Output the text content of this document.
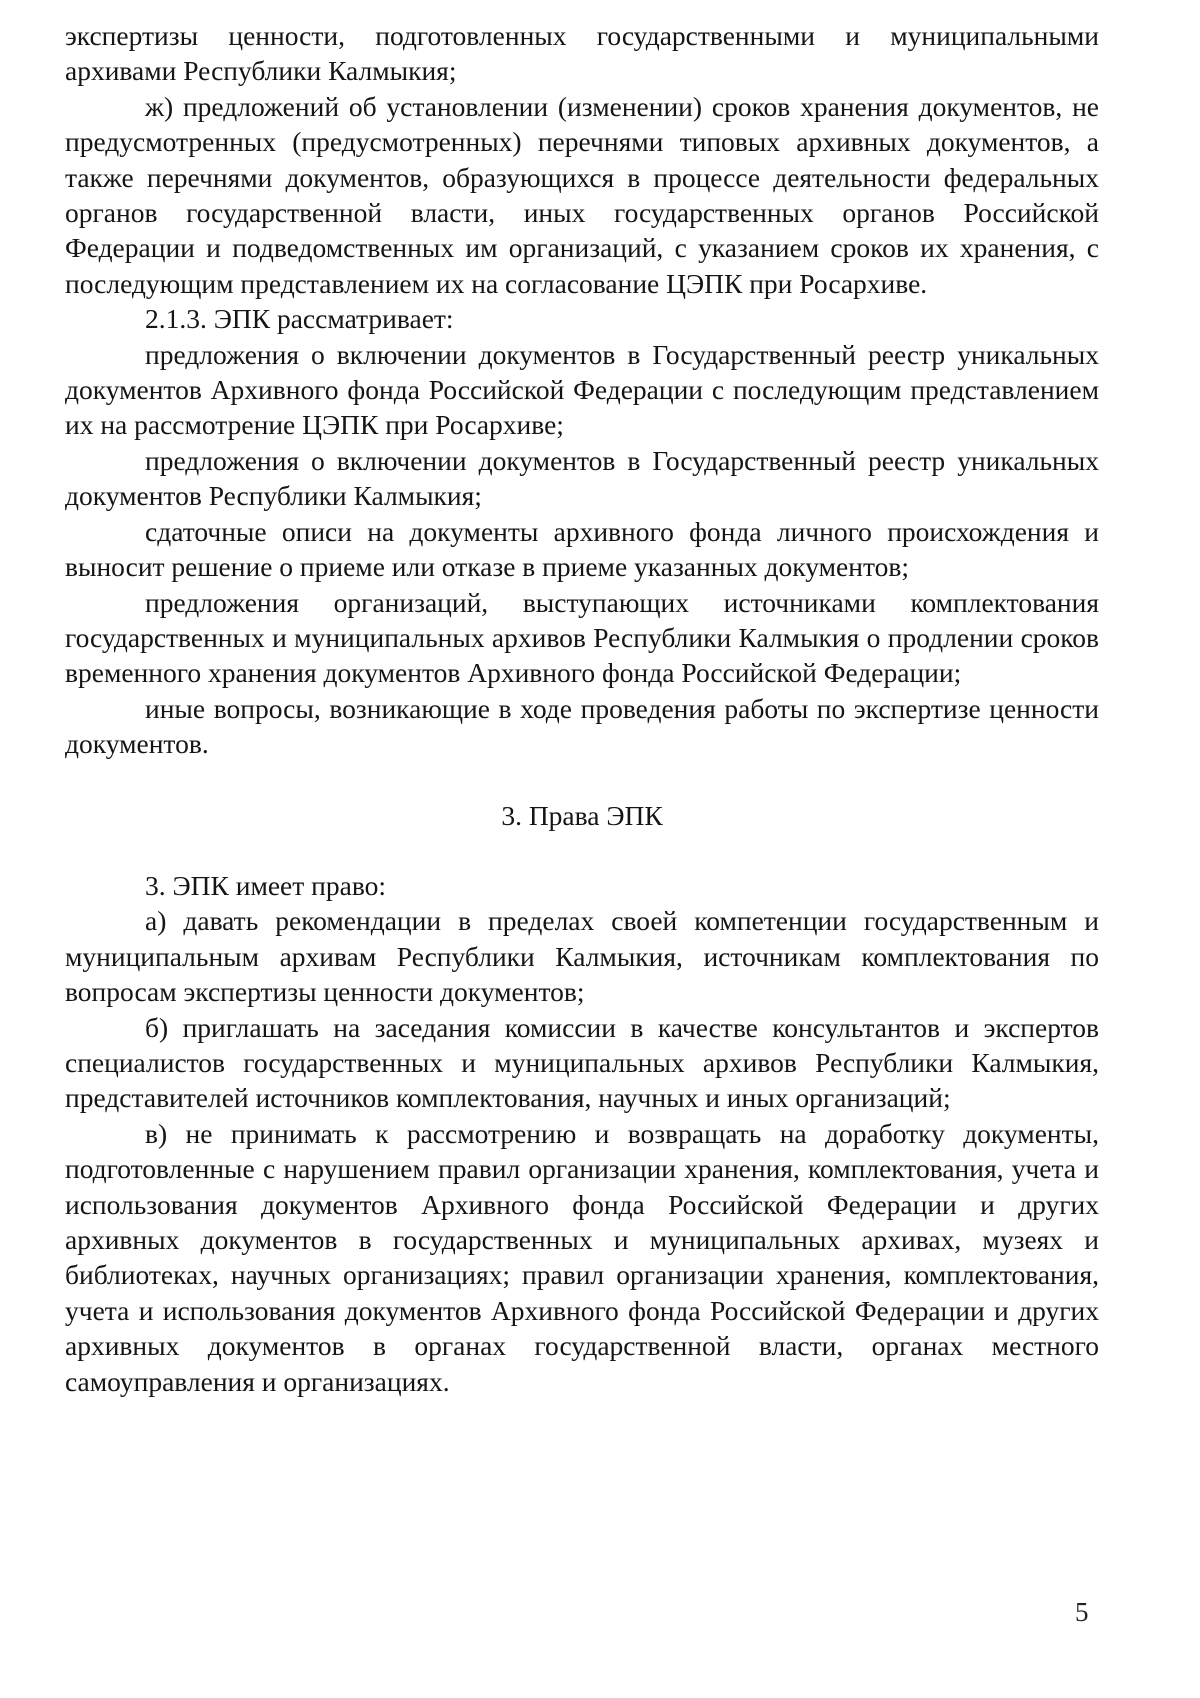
экспертизы ценности, подготовленных государственными и муниципальными архивами Республики Калмыкия;

ж) предложений об установлении (изменении) сроков хранения документов, не предусмотренных (предусмотренных) перечнями типовых архивных документов, а также перечнями документов, образующихся в процессе деятельности федеральных органов государственной власти, иных государственных органов Российской Федерации и подведомственных им организаций, с указанием сроков их хранения, с последующим представлением их на согласование ЦЭПК при Росархиве.

2.1.3. ЭПК рассматривает:

предложения о включении документов в Государственный реестр уникальных документов Архивного фонда Российской Федерации с последующим представлением их на рассмотрение ЦЭПК при Росархиве;

предложения о включении документов в Государственный реестр уникальных документов Республики Калмыкия;

сдаточные описи на документы архивного фонда личного происхождения и выносит решение о приеме или отказе в приеме указанных документов;

предложения организаций, выступающих источниками комплектования государственных и муниципальных архивов Республики Калмыкия о продлении сроков временного хранения документов Архивного фонда Российской Федерации;

иные вопросы, возникающие в ходе проведения работы по экспертизе ценности документов.

3. Права ЭПК

3. ЭПК имеет право:

а) давать рекомендации в пределах своей компетенции государственным и муниципальным архивам Республики Калмыкия, источникам комплектования по вопросам экспертизы ценности документов;

б) приглашать на заседания комиссии в качестве консультантов и экспертов специалистов государственных и муниципальных архивов Республики Калмыкия, представителей источников комплектования, научных и иных организаций;

в) не принимать к рассмотрению и возвращать на доработку документы, подготовленные с нарушением правил организации хранения, комплектования, учета и использования документов Архивного фонда Российской Федерации и других архивных документов в государственных и муниципальных архивах, музеях и библиотеках, научных организациях; правил организации хранения, комплектования, учета и использования документов Архивного фонда Российской Федерации и других архивных документов в органах государственной власти, органах местного самоуправления и организациях.

5
